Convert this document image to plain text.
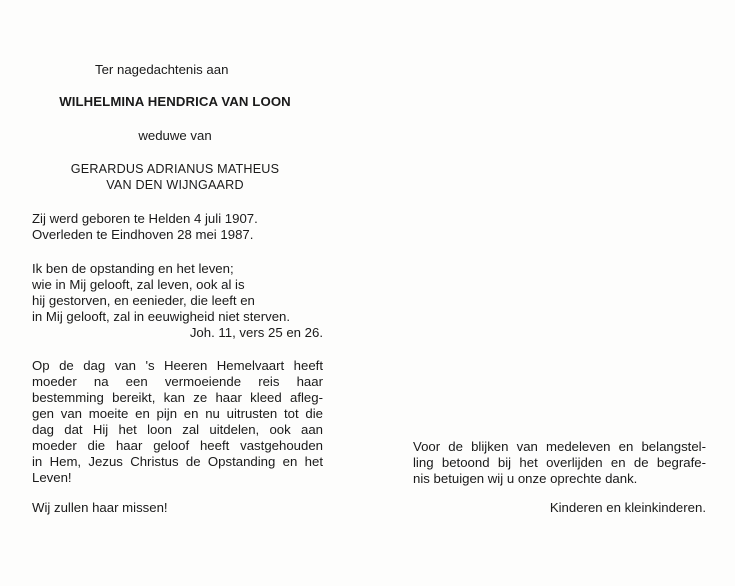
Ter nagedachtenis aan
WILHELMINA HENDRICA VAN LOON
weduwe van
GERARDUS ADRIANUS MATHEUS
VAN DEN WIJNGAARD
Zij werd geboren te Helden 4 juli 1907.
Overleden te Eindhoven 28 mei 1987.
Ik ben de opstanding en het leven;
wie in Mij gelooft, zal leven, ook al is
hij gestorven, en eenieder, die leeft en
in Mij gelooft, zal in eeuwigheid niet sterven.
Joh. 11, vers 25 en 26.
Op de dag van 's Heeren Hemelvaart heeft
moeder na een vermoeiende reis haar
bestemming bereikt, kan ze haar kleed afleg-
gen van moeite en pijn en nu uitrusten tot die
dag dat Hij het loon zal uitdelen, ook aan
moeder die haar geloof heeft vastgehouden
in Hem, Jezus Christus de Opstanding en het
Leven!
Wij zullen haar missen!
Voor de blijken van medeleven en belangstel-
ling betoond bij het overlijden en de begrafe-
nis betuigen wij u onze oprechte dank.
Kinderen en kleinkinderen.
